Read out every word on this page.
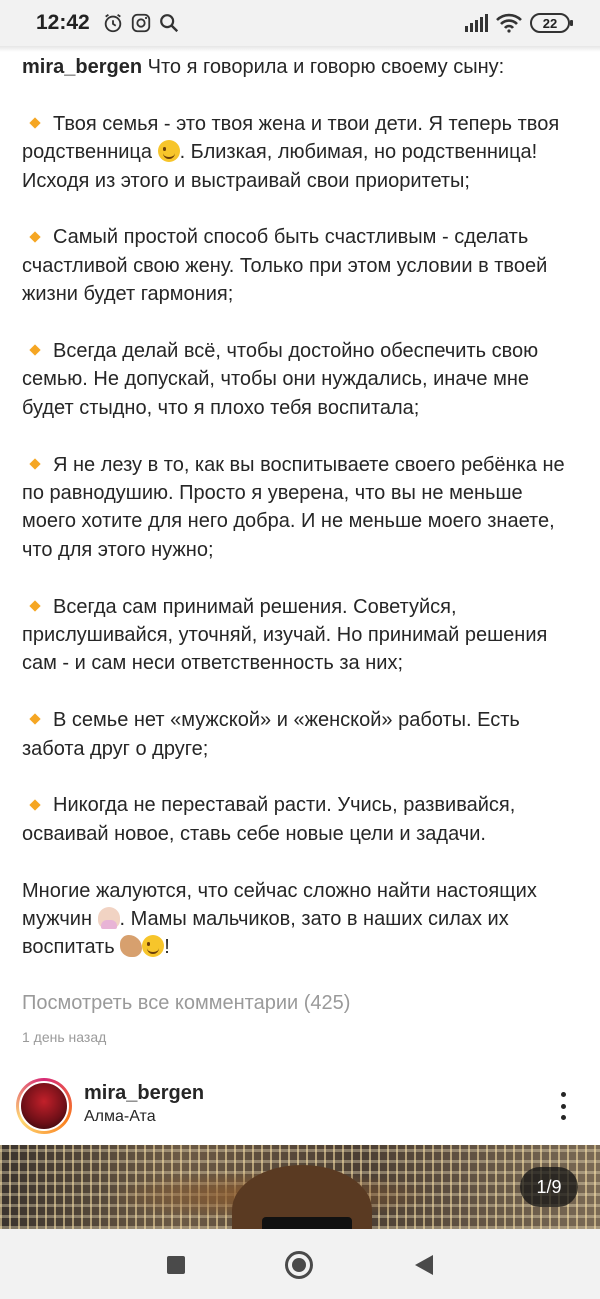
12:42	22

mira_bergen Что я говорила и говорю своему сыну:

Твоя семья - это твоя жена и твои дети. Я теперь твоя родственница . Близкая, любимая, но родственница! Исходя из этого и выстраивай свои приоритеты;

Самый простой способ быть счастливым - сделать счастливой свою жену. Только при этом условии в твоей жизни будет гармония;

Всегда делай всё, чтобы достойно обеспечить свою семью. Не допускай, чтобы они нуждались, иначе мне будет стыдно, что я плохо тебя воспитала;

Я не лезу в то, как вы воспитываете своего ребёнка не по равнодушию. Просто я уверена, что вы не меньше моего хотите для него добра. И не меньше моего знаете, что для этого нужно;

Всегда сам принимай решения. Советуйся, прислушивайся, уточняй, изучай. Но принимай решения сам - и сам неси ответственность за них;

В семье нет «мужской» и «женской» работы. Есть забота друг о друге;

Никогда не переставай расти. Учись, развивайся, осваивай новое, ставь себе новые цели и задачи.

Многие жалуются, что сейчас сложно найти настоящих мужчин . Мамы мальчиков, зато в наших силах их воспитать !

Посмотреть все комментарии (425)
1 день назад
mira_bergen
Алма-Ата
1/9
